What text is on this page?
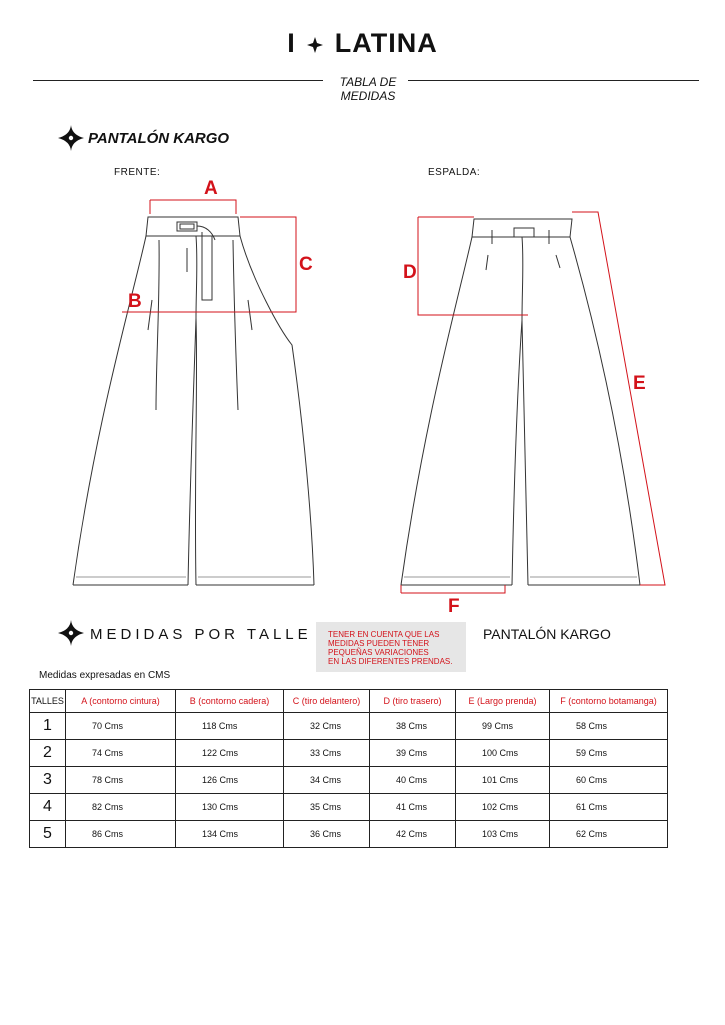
I LATINA
TABLA DE
MEDIDAS
PANTALÓN KARGO
FRENTE:	ESPALDA:
A
B
C	D
E
F
MEDIDAS POR TALLE TENER EN CUENTA QUE LAS
MEDIDAS PUEDEN TENER
PEQUEÑAS VARIACIONES
EN LAS DIFERENTES PRENDAS.
PANTALÓN KARGO
Medidas expresadas en CMS
TALLES	A (contorno cintura)	B (contorno cadera)	C (tiro delantero)	D (tiro trasero)	E (Largo prenda)	F (contorno botamanga)
1	70 Cms	118 Cms	32 Cms	38 Cms	99 Cms	58 Cms
2	74 Cms	122 Cms	33 Cms	39 Cms	100 Cms	59 Cms
3	78 Cms	126 Cms	34 Cms	40 Cms	101 Cms	60 Cms
4	82 Cms	130 Cms	35 Cms	41 Cms	102 Cms	61 Cms
5	86 Cms	134 Cms	36 Cms	42 Cms	103 Cms	62 Cms
